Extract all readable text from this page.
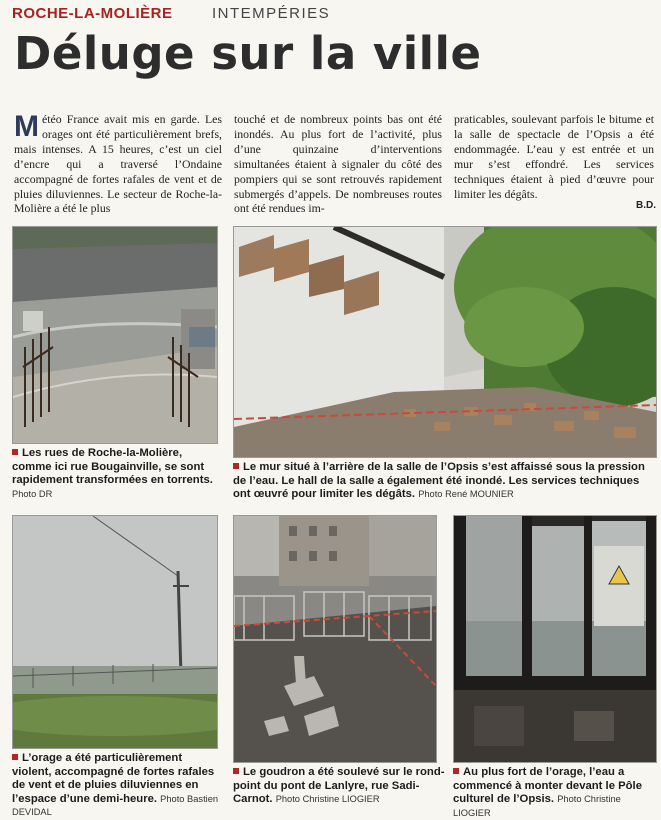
ROCHE-LA-MOLIÈRE	INTEMPÉRIES
Déluge sur la ville
Météo France avait mis en garde. Les orages ont été particulièrement brefs, mais intenses. A 15 heures, c’est un ciel d’encre qui a traversé l’Ondaine accompagné de fortes rafales de vent et de pluies diluviennes. Le secteur de Roche-la-Molière a été le plus
touché et de nombreux points bas ont été inondés. Au plus fort de l’activité, plus d’une quinzaine d’interventions simultanées étaient à signaler du côté des pompiers qui se sont retrouvés rapidement submergés d’appels. De nombreuses routes ont été rendues im-
praticables, soulevant parfois le bitume et la salle de spectacle de l’Opsis a été endommagée. L’eau y est entrée et un mur s’est effondré. Les services techniques étaient à pied d’œuvre pour limiter les dégâts.
B.D.
Les rues de Roche-la-Molière, comme ici rue Bougainville, se sont rapidement transformées en torrents. Photo DR
Le mur situé à l’arrière de la salle de l’Opsis s’est affaissé sous la pression de l’eau. Le hall de la salle a également été inondé. Les services techniques ont œuvré pour limiter les dégâts. Photo René MOUNIER
L’orage a été particulièrement violent, accompagné de fortes rafales de vent et de pluies diluviennes en l’espace d’une demi-heure. Photo Bastien DEVIDAL
Le goudron a été soulevé sur le rond-point du pont de Lanlyre, rue Sadi-Carnot. Photo Christine LIOGIER
Au plus fort de l’orage, l’eau a commencé à monter devant le Pôle culturel de l’Opsis. Photo Christine LIOGIER
